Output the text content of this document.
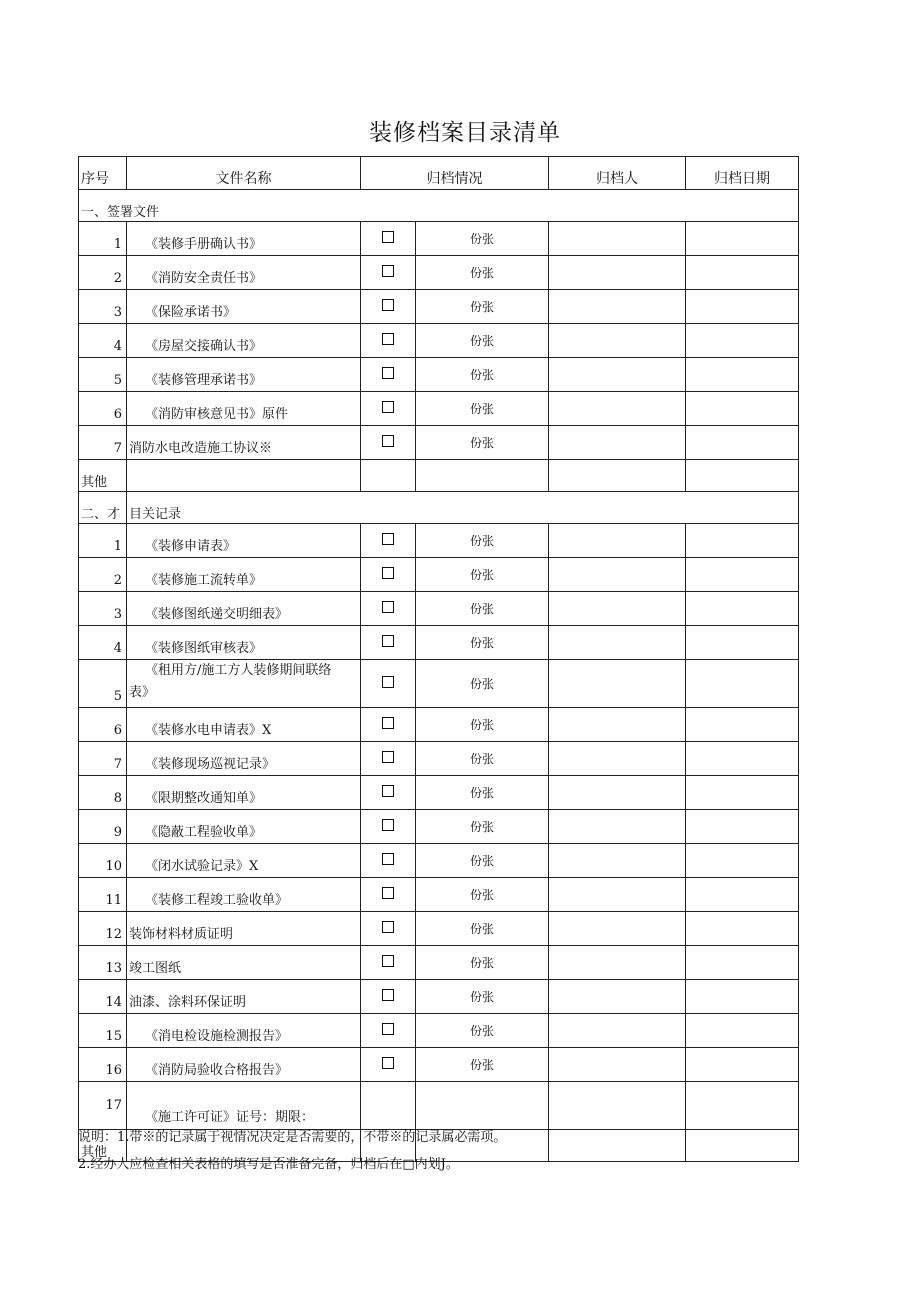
装修档案目录清单
序号	文件名称	归档情况		归档人	归档日期
一、签署文件					
1	《装修手册确认书》		份张		
2	《消防安全责任书》		份张		
3	《保险承诺书》		份张		
4	《房屋交接确认书》		份张		
5	《装修管理承诺书》		份张		
6	《消防审核意见书》原件		份张		
7	消防水电改造施工协议※		份张		
其他					
二、才	目关记录				
1	《装修申请表》		份张		
2	《装修施工流转单》		份张		
3	《装修图纸递交明细表》		份张		
4	《装修图纸审核表》		份张		
5	《租用方/施工方人装修期间联络
表》		份张		
6	《装修水电申请表》X		份张		
7	《装修现场巡视记录》		份张		
8	《限期整改通知单》		份张		
9	《隐蔽工程验收单》		份张		
10	《闭水试验记录》X		份张		
11	《装修工程竣工验收单》		份张		
12	装饰材料材质证明		份张		
13	竣工图纸		份张		
14	油漆、涂料环保证明		份张		
15	《消电检设施检测报告》		份张		
16	《消防局验收合格报告》		份张		
17	《施工许可证》证号：期限：				
其他					
说明：1.带※的记录属于视情况决定是否需要的，不带※的记录属必需项。
2.经办人应检查相关表格的填写是否准备完备，归档后在□内划J。
